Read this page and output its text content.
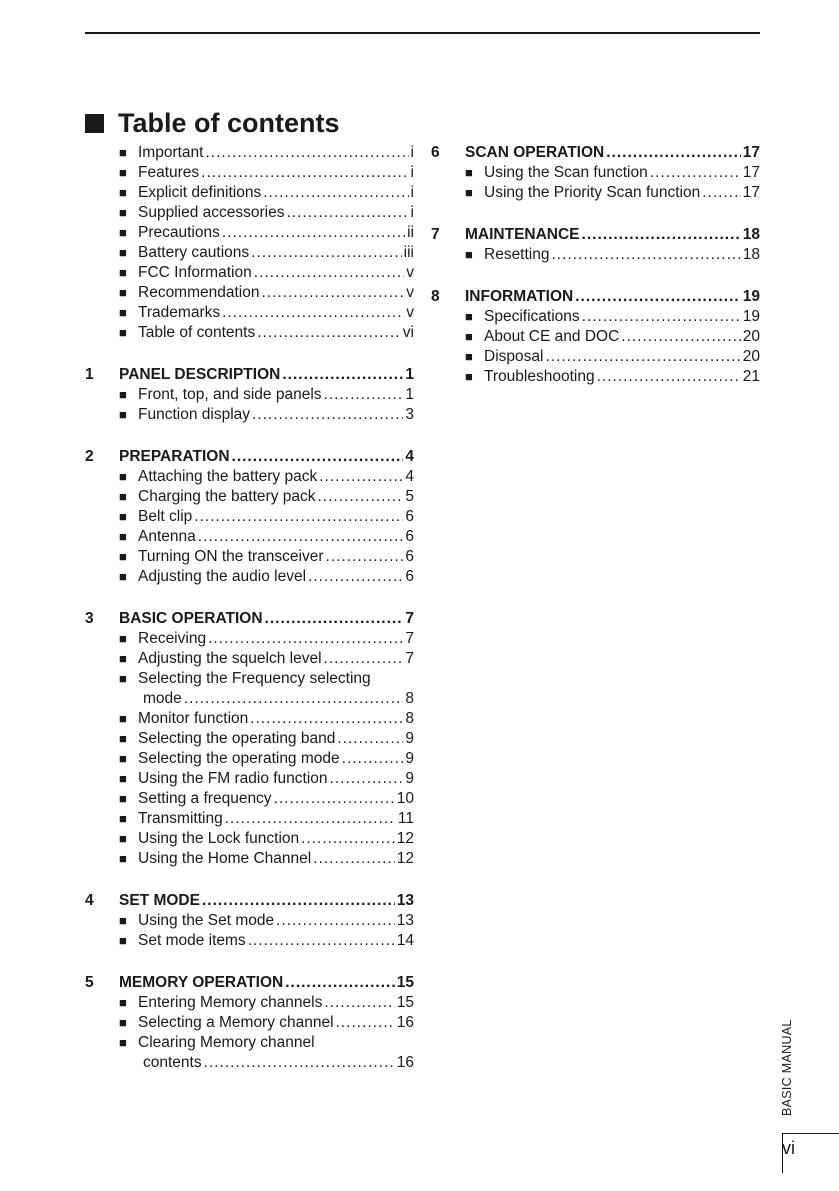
Table of contents
■ Important .....	i
■ Features .....	i
■ Explicit definitions .....	i
■ Supplied accessories .....	i
■ Precautions .....	ii
■ Battery cautions .....	iii
■ FCC Information .....	v
■ Recommendation .....	v
■ Trademarks .....	v
■ Table of contents .....	vi
1	PANEL DESCRIPTION .....	1
■ Front, top, and side panels .....	1
■ Function display .....	3
2	PREPARATION .....	4
■ Attaching the battery pack .....	4
■ Charging the battery pack .....	5
■ Belt clip .....	6
■ Antenna .....	6
■ Turning ON the transceiver .....	6
■ Adjusting the audio level .....	6
3	BASIC OPERATION .....	7
■ Receiving .....	7
■ Adjusting the squelch level .....	7
■ Selecting the Frequency selecting
mode .....	8
■ Monitor function .....	8
■ Selecting the operating band .....	9
■ Selecting the operating mode .....	9
■ Using the FM radio function .....	9
■ Setting a frequency .....	10
■ Transmitting .....	11
■ Using the Lock function .....	12
■ Using the Home Channel .....	12
4	SET MODE .....	13
■ Using the Set mode .....	13
■ Set mode items .....	14
5	MEMORY OPERATION .....	15
■ Entering Memory channels .....	15
■ Selecting a Memory channel .....	16
■ Clearing Memory channel
contents .....	16
6	SCAN OPERATION .....	17
■ Using the Scan function .....	17
■ Using the Priority Scan function .....	17
7	MAINTENANCE .....	18
■ Resetting .....	18
8	INFORMATION .....	19
■ Specifications .....	19
■ About CE and DOC .....	20
■ Disposal .....	20
■ Troubleshooting .....	21
BASIC MANUAL
vi
